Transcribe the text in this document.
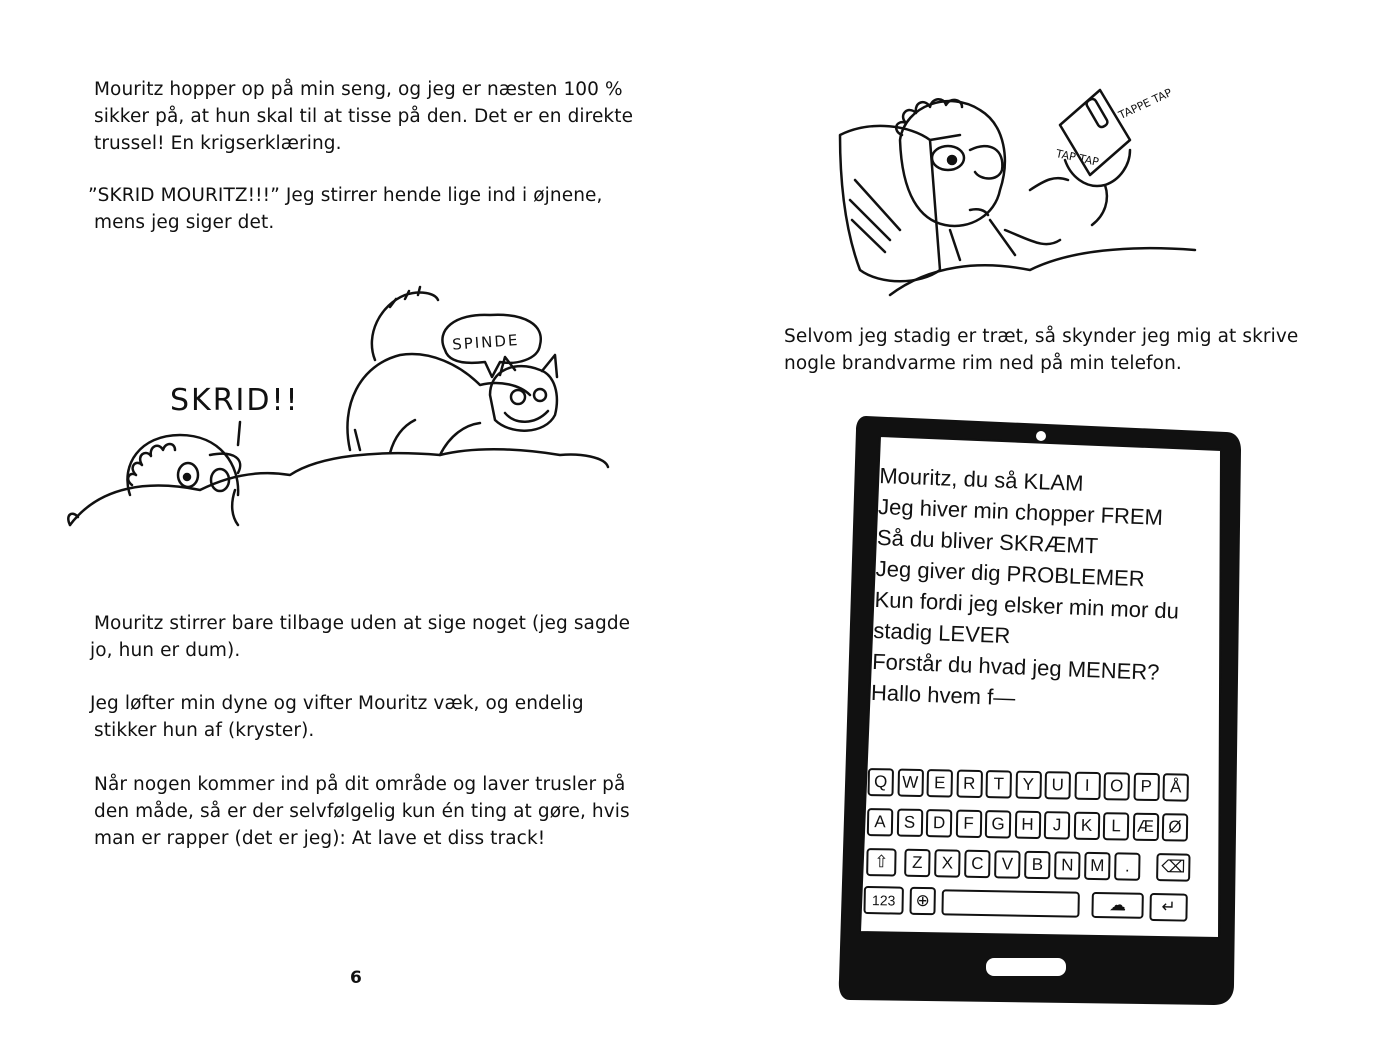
Mouritz hopper op på min seng, og jeg er næsten 100 %
sikker på, at hun skal til at tisse på den. Det er en direkte
trussel! En krigserklæring.
”SKRID MOURITZ!!!” Jeg stirrer hende lige ind i øjnene,
mens jeg siger det.
SKRID!!
SPINDE
Mouritz stirrer bare tilbage uden at sige noget (jeg sagde
jo, hun er dum).
Jeg løfter min dyne og vifter Mouritz væk, og endelig
stikker hun af (kryster).
Når nogen kommer ind på dit område og laver trusler på
den måde, så er der selvfølgelig kun én ting at gøre, hvis
man er rapper (det er jeg): At lave et diss track!
6
TAP TAP
TAPPE TAP
Selvom jeg stadig er træt, så skynder jeg mig at skrive
nogle brandvarme rim ned på min telefon.
Mouritz, du så KLAM
Jeg hiver min chopper FREM
Så du bliver SKRÆMT
Jeg giver dig PROBLEMER
Kun fordi jeg elsker min mor du
stadig LEVER
Forstår du hvad jeg MENER?
Hallo hvem f—
Q W E	R	T	Y	U	I	O P	Å
A	S	D	F	G H	J	K	L Æ Ø
Z	X	C	V	B	N M	.
⇧	⌫
123	⊕	☁	↵
